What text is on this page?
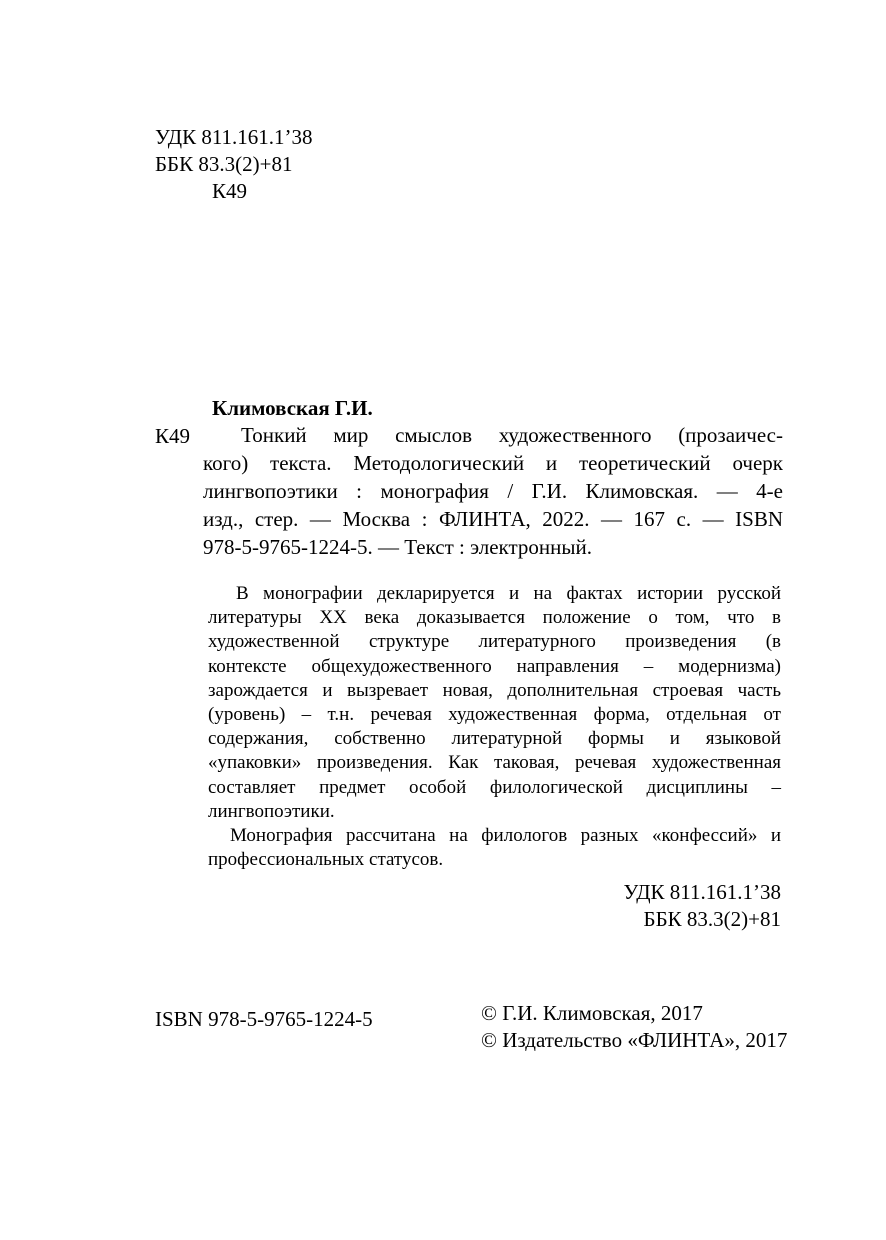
УДК 811.161.1’38
ББК 83.3(2)+81
К49
Климовская Г.И.
К49	Тонкий мир смыслов художественного (прозаичес-
кого) текста. Методологический и теоретический очерк
лингвопоэтики : монография / Г.И. Климовская. — 4-е
изд., стер. — Москва : ФЛИНТА, 2022. — 167 с. — ISBN
978-5-9765-1224-5. — Текст : электронный.
В монографии декларируется и на фактах истории русской
литературы XX века доказывается положение о том, что в
художественной структуре литературного произведения (в
контексте общехудожественного направления – модернизма)
зарождается и вызревает новая, дополнительная строевая часть
(уровень) – т.н. речевая художественная форма, отдельная от
содержания, собственно литературной формы и языковой
«упаковки» произведения. Как таковая, речевая художественная
составляет предмет особой филологической дисциплины –
лингвопоэтики.
Монография рассчитана на филологов разных «конфессий» и
профессиональных статусов.
УДК 811.161.1’38
ББК 83.3(2)+81
ISBN 978-5-9765-1224-5	© Г.И. Климовская, 2017
© Издательство «ФЛИНТА», 2017
